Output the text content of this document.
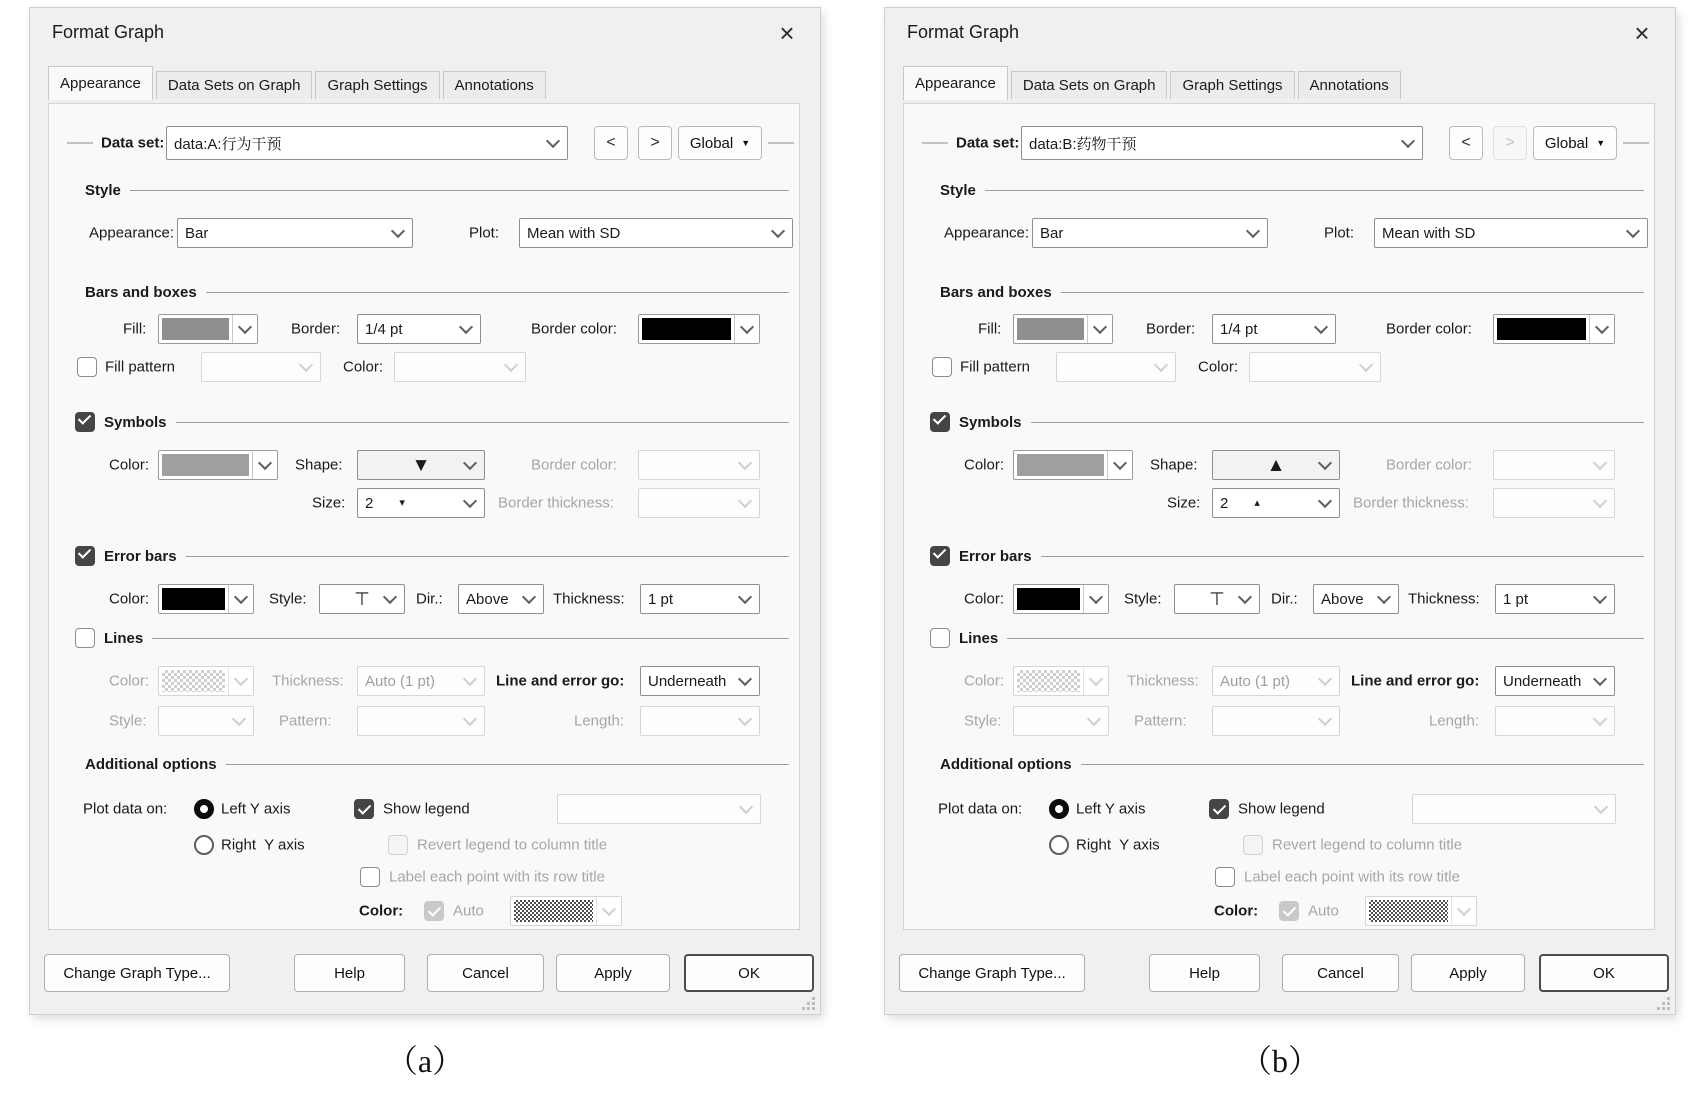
Format Graph	×
Appearance	Data Sets on Graph	Graph Settings	Annotations
Data set: data:A:行为干预	<	>	Global ▼
Style
Appearance: Bar	Plot: Mean with SD
Bars and boxes
Fill:	Border: 1/4 pt	Border color:
Fill pattern	Color:
Symbols
Color:	Shape:	▼	Border color:
Size: 2 ▾	Border thickness:
Error bars
Color:	Style:	⊤	Dir.: Above	Thickness: 1 pt
Lines
Color:	Thickness: Auto (1 pt)	Line and error go: Underneath
Style:	Pattern:	Length:
Additional options
Plot data on:	Left Y axis	Show legend
Right  Y axis	Revert legend to column title
Label each point with its row title
Color:	Auto
Change Graph Type...	Help	Cancel	Apply	OK
Format Graph	×
Appearance	Data Sets on Graph	Graph Settings	Annotations
Data set: data:B:药物干预	<	>	Global ▼
Style
Appearance: Bar	Plot: Mean with SD
Bars and boxes
Fill:	Border: 1/4 pt	Border color:
Fill pattern	Color:
Symbols
Color:	Shape:	▲	Border color:
Size: 2 ▴	Border thickness:
Error bars
Color:	Style:	⊤	Dir.: Above	Thickness: 1 pt
Lines
Color:	Thickness: Auto (1 pt)	Line and error go: Underneath
Style:	Pattern:	Length:
Additional options
Plot data on:	Left Y axis	Show legend
Right  Y axis	Revert legend to column title
Label each point with its row title
Color:	Auto
Change Graph Type...	Help	Cancel	Apply	OK
（a）	（b）
